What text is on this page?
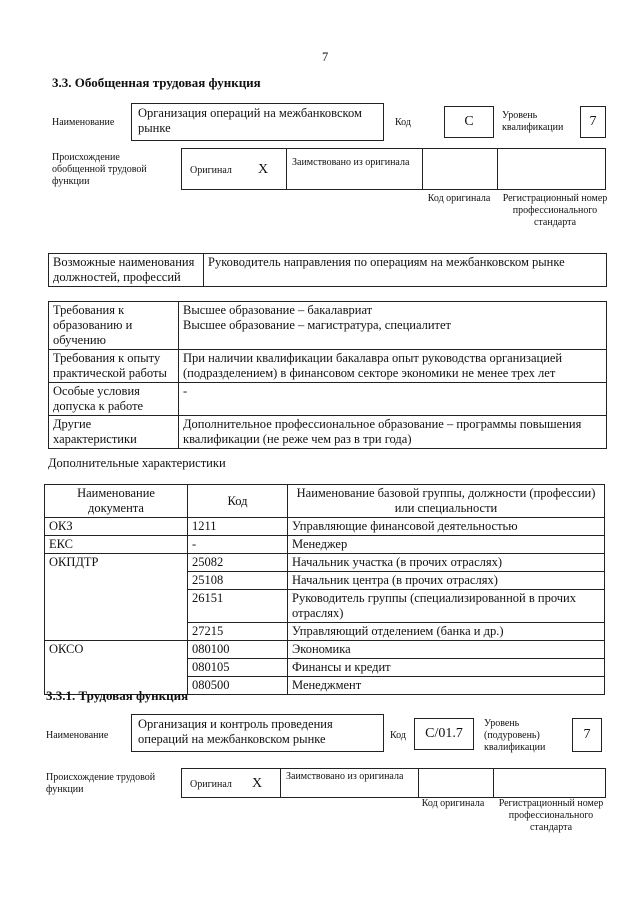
7
3.3. Обобщенная трудовая функция
Наименование
Организация операций на межбанковском рынке	Код	C	Уровень квалификации	7
Происхождение обобщенной трудовой функции
Оригинал X Заимствовано из оригинала
Код оригинала	Регистрационный номер профессионального стандарта
Возможные наименования должностей, профессий	Руководитель направления по операциям на межбанковском рынке
Требования к образованию и обучению	Высшее образование – бакалавриат
Высшее образование – магистратура, специалитет
Требования к опыту практической работы	При наличии квалификации бакалавра опыт руководства организацией (подразделением) в финансовом секторе экономики не менее трех лет
Особые условия допуска к работе	-
Другие характеристики	Дополнительное профессиональное образование – программы повышения квалификации (не реже чем раз в три года)
Дополнительные характеристики
Наименование документа	Код	Наименование базовой группы, должности (профессии) или специальности
ОКЗ	1211	Управляющие финансовой деятельностью
ЕКС	-	Менеджер
ОКПДТР	25082	Начальник участка (в прочих отраслях)
	25108	Начальник центра (в прочих отраслях)
	26151	Руководитель группы (специализированной в прочих отраслях)
	27215	Управляющий отделением (банка и др.)
ОКСО	080100	Экономика
	080105	Финансы и кредит
	080500	Менеджмент
3.3.1. Трудовая функция
Наименование
Организация и контроль проведения операций на межбанковском рынке	Код	C/01.7
Уровень (подуровень) квалификации
7
Происхождение трудовой функции	Оригинал X Заимствовано из оригинала
Код оригинала	Регистрационный номер профессионального стандарта
